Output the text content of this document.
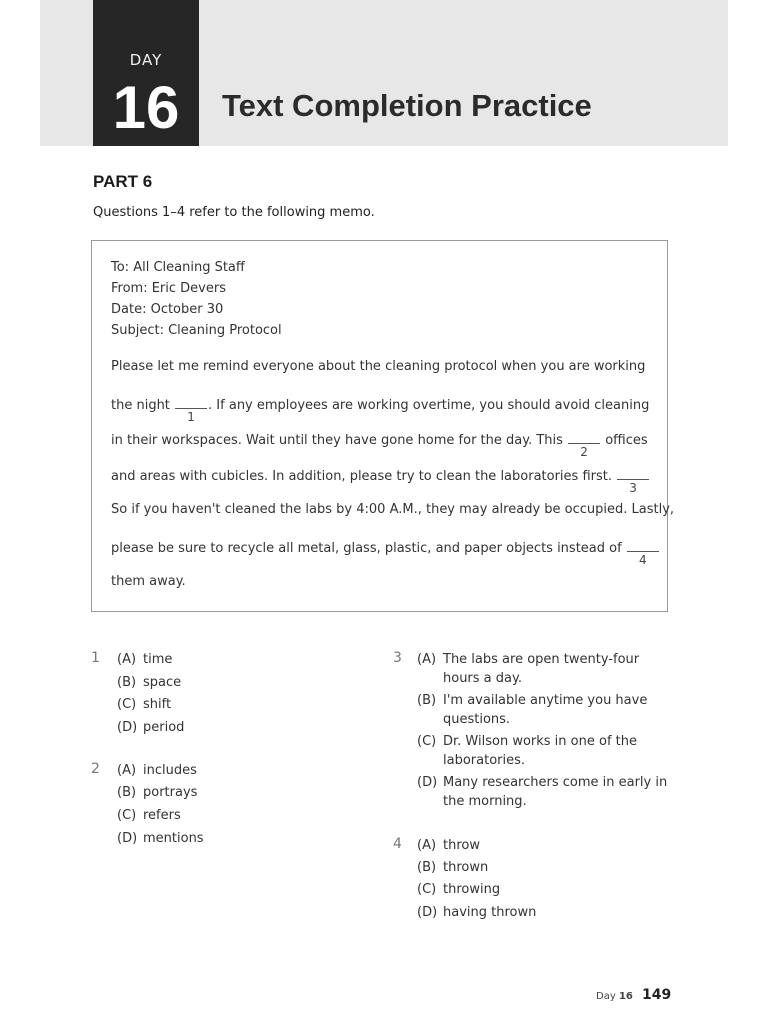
DAY
16	Text Completion Practice
PART 6
Questions 1–4 refer to the following memo.
To: All Cleaning Staff
From: Eric Devers
Date: October 30
Subject: Cleaning Protocol
Please let me remind everyone about the cleaning protocol when you are working
the night
1
. If any employees are working overtime, you should avoid cleaning
in their workspaces. Wait until they have gone home for the day. This
2
offices
and areas with cubicles. In addition, please try to clean the laboratories first.
3
So if you haven't cleaned the labs by 4:00 A.M., they may already be occupied. Lastly,
please be sure to recycle all metal, glass, plastic, and paper objects instead of
4
them away.
1 (A) time
(B) space
(C) shift
(D) period
2 (A) includes
(B) portrays
(C) refers
(D) mentions
3 (A) The labs are open twenty-four
hours a day.
(B) I'm available anytime you have
questions.
(C) Dr. Wilson works in one of the
laboratories.
(D) Many researchers come in early in
the morning.
4 (A) throw
(B) thrown
(C) throwing
(D) having thrown
Day 16 149
